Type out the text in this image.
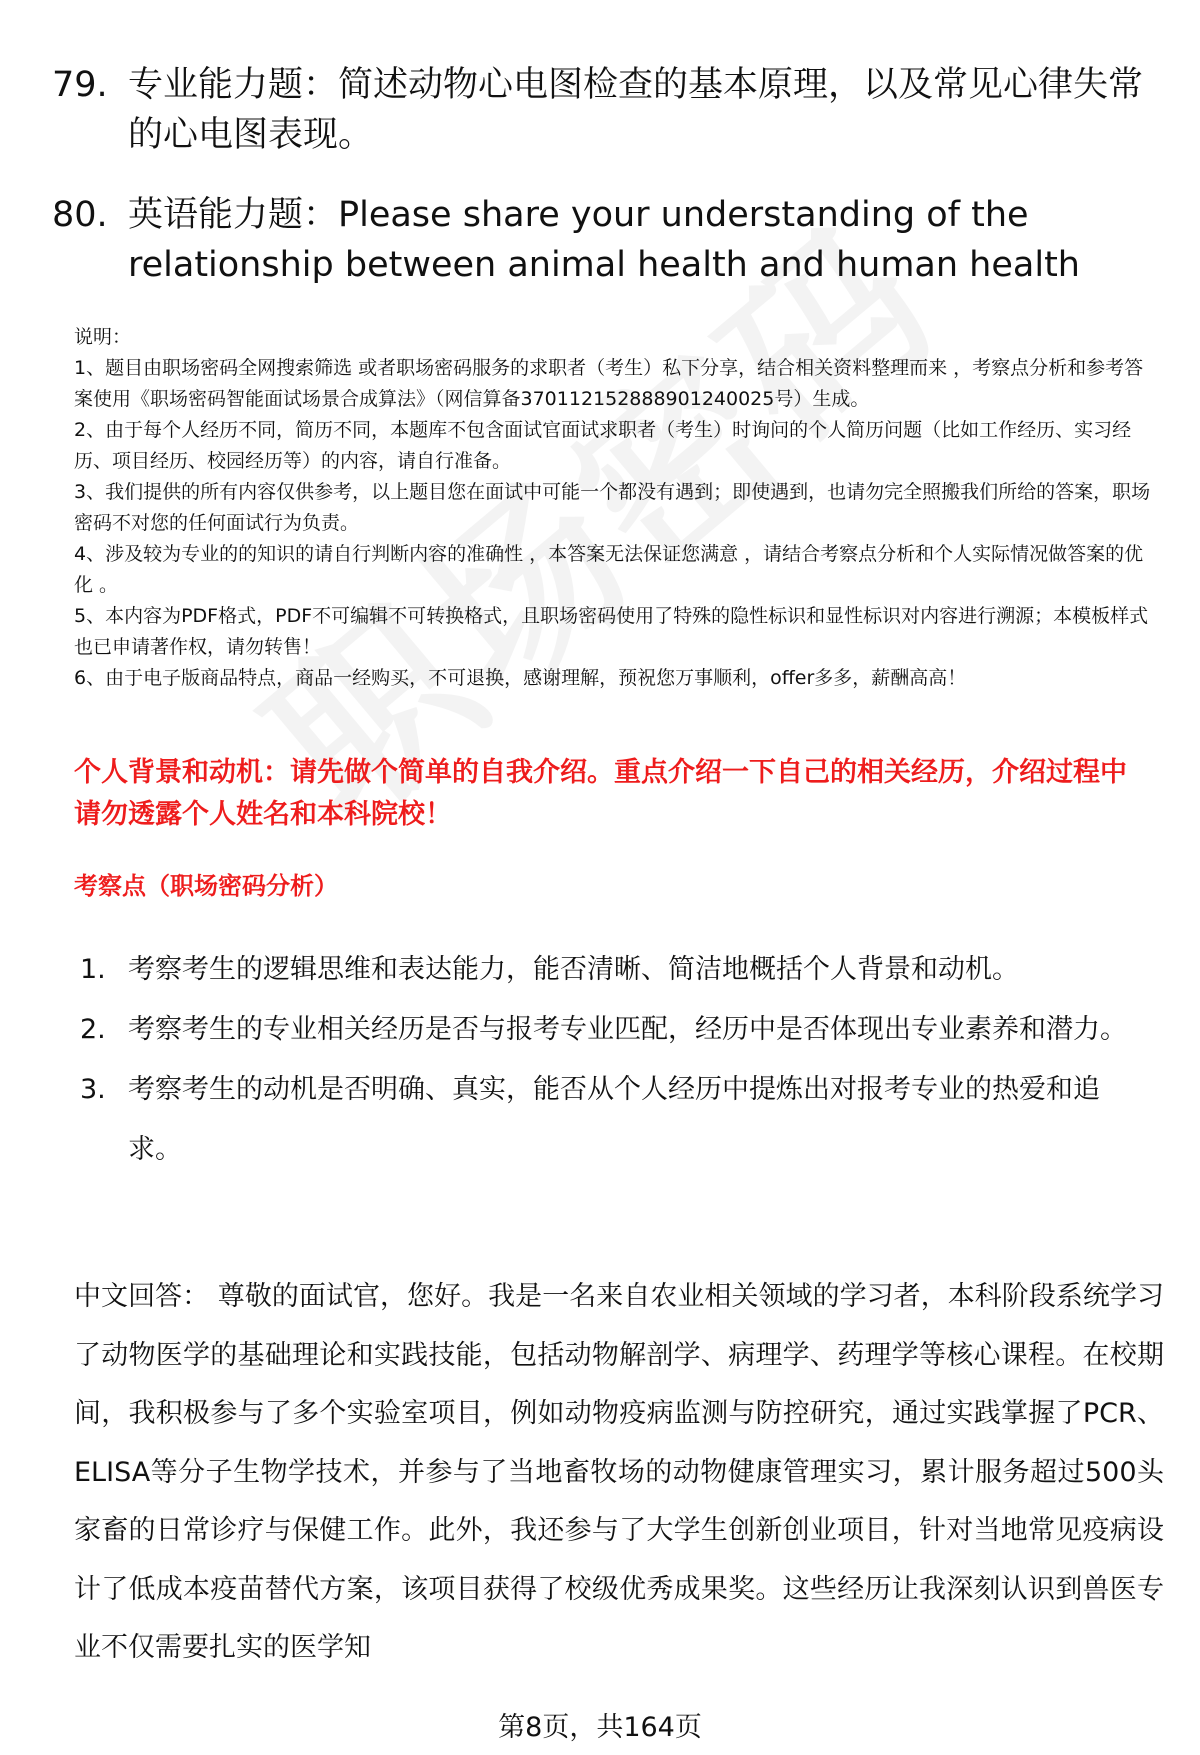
79. 专业能力题：简述动物心电图检查的基本原理，以及常见心律失常的心电图表现。
80. 英语能力题：Please share your understanding of the relationship between animal health and human health

说明：

1、题目由职场密码全网搜索筛选 或者职场密码服务的求职者（考生）私下分享，结合相关资料整理而来 ，考察点分析和参考答案使用《职场密码智能面试场景合成算法》（网信算备370112152888901240025号）生成。

2、由于每个人经历不同，简历不同，本题库不包含面试官面试求职者（考生）时询问的个人简历问题（比如工作经历、实习经历、项目经历、校园经历等）的内容，请自行准备。

3、我们提供的所有内容仅供参考，以上题目您在面试中可能一个都没有遇到；即使遇到，也请勿完全照搬我们所给的答案，职场密码不对您的任何面试行为负责。

4、涉及较为专业的的知识的请自行判断内容的准确性 ，本答案无法保证您满意 ，请结合考察点分析和个人实际情况做答案的优化 。

5、本内容为PDF格式，PDF不可编辑不可转换格式，且职场密码使用了特殊的隐性标识和显性标识对内容进行溯源；本模板样式也已申请著作权，请勿转售！

6、由于电子版商品特点，商品一经购买，不可退换，感谢理解，预祝您万事顺利，offer多多，薪酬高高！

个人背景和动机：请先做个简单的自我介绍。重点介绍一下自己的相关经历，介绍过程中请勿透露个人姓名和本科院校！
考察点（职场密码分析）
1. 考察考生的逻辑思维和表达能力，能否清晰、简洁地概括个人背景和动机。
2. 考察考生的专业相关经历是否与报考专业匹配，经历中是否体现出专业素养和潜力。
3. 考察考生的动机是否明确、真实，能否从个人经历中提炼出对报考专业的热爱和追求。
中文回答： 尊敬的面试官，您好。我是一名来自农业相关领域的学习者，本科阶段系统学习了动物医学的基础理论和实践技能，包括动物解剖学、病理学、药理学等核心课程。在校期间，我积极参与了多个实验室项目，例如动物疫病监测与防控研究，通过实践掌握了PCR、ELISA等分子生物学技术，并参与了当地畜牧场的动物健康管理实习，累计服务超过500头家畜的日常诊疗与保健工作。此外，我还参与了大学生创新创业项目，针对当地常见疫病设计了低成本疫苗替代方案，该项目获得了校级优秀成果奖。这些经历让我深刻认识到兽医专业不仅需要扎实的医学知
第8页，共164页
